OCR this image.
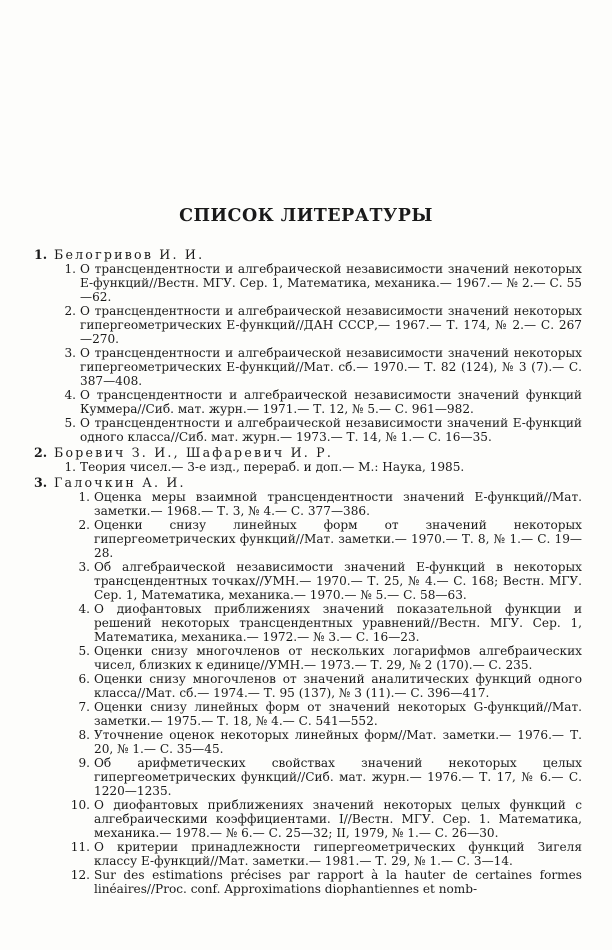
СПИСОК ЛИТЕРАТУРЫ
1. Белогривов И. И.
1. О трансцендентности и алгебраической независимости значений некоторых E-функций//Вестн. МГУ. Сер. 1, Математика, механика.— 1967.— № 2.— С. 55—62.
2. О трансцендентности и алгебраической независимости значений некоторых гипергеометрических E-функций//ДАН СССР,— 1967.— Т. 174, № 2.— С. 267—270.
3. О трансцендентности и алгебраической независимости значений некоторых гипергеометрических E-функций//Мат. сб.— 1970.— Т. 82 (124), № 3 (7).— С. 387—408.
4. О трансцендентности и алгебраической независимости значений функций Куммера//Сиб. мат. журн.— 1971.— Т. 12, № 5.— С. 961—982.
5. О трансцендентности и алгебраической независимости значений E-функций одного класса//Сиб. мат. журн.— 1973.— Т. 14, № 1.— С. 16—35.
2. Боревич З. И., Шафаревич И. Р.
1. Теория чисел.— 3-е изд., перераб. и доп.— М.: Наука, 1985.
3. Галочкин А. И.
1. Оценка меры взаимной трансцендентности значений E-функций//Мат. заметки.— 1968.— Т. 3, № 4.— С. 377—386.
2. Оценки снизу линейных форм от значений некоторых гипергеометрических функций//Мат. заметки.— 1970.— Т. 8, № 1.— С. 19—28.
3. Об алгебраической независимости значений E-функций в некоторых трансцендентных точках//УМН.— 1970.— Т. 25, № 4.— С. 168; Вестн. МГУ. Сер. 1, Математика, механика.— 1970.— № 5.— С. 58—63.
4. О диофантовых приближениях значений показательной функции и решений некоторых трансцендентных уравнений//Вестн. МГУ. Сер. 1, Математика, механика.— 1972.— № 3.— С. 16—23.
5. Оценки снизу многочленов от нескольких логарифмов алгебраических чисел, близких к единице//УМН.— 1973.— Т. 29, № 2 (170).— С. 235.
6. Оценки снизу многочленов от значений аналитических функций одного класса//Мат. сб.— 1974.— Т. 95 (137), № 3 (11).— С. 396—417.
7. Оценки снизу линейных форм от значений некоторых G-функций//Мат. заметки.— 1975.— Т. 18, № 4.— С. 541—552.
8. Уточнение оценок некоторых линейных форм//Мат. заметки.— 1976.— Т. 20, № 1.— С. 35—45.
9. Об арифметических свойствах значений некоторых целых гипергеометрических функций//Сиб. мат. журн.— 1976.— Т. 17, № 6.— С. 1220—1235.
10. О диофантовых приближениях значений некоторых целых функций с алгебраическими коэффициентами. I//Вестн. МГУ. Сер. 1. Математика, механика.— 1978.— № 6.— С. 25—32; II, 1979, № 1.— С. 26—30.
11. О критерии принадлежности гипергеометрических функций Зигеля классу E-функций//Мат. заметки.— 1981.— Т. 29, № 1.— С. 3—14.
12. Sur des estimations précises par rapport à la hauter de certaines formes linéaires//Proc. conf. Approximations diophantiennes et nomb-
